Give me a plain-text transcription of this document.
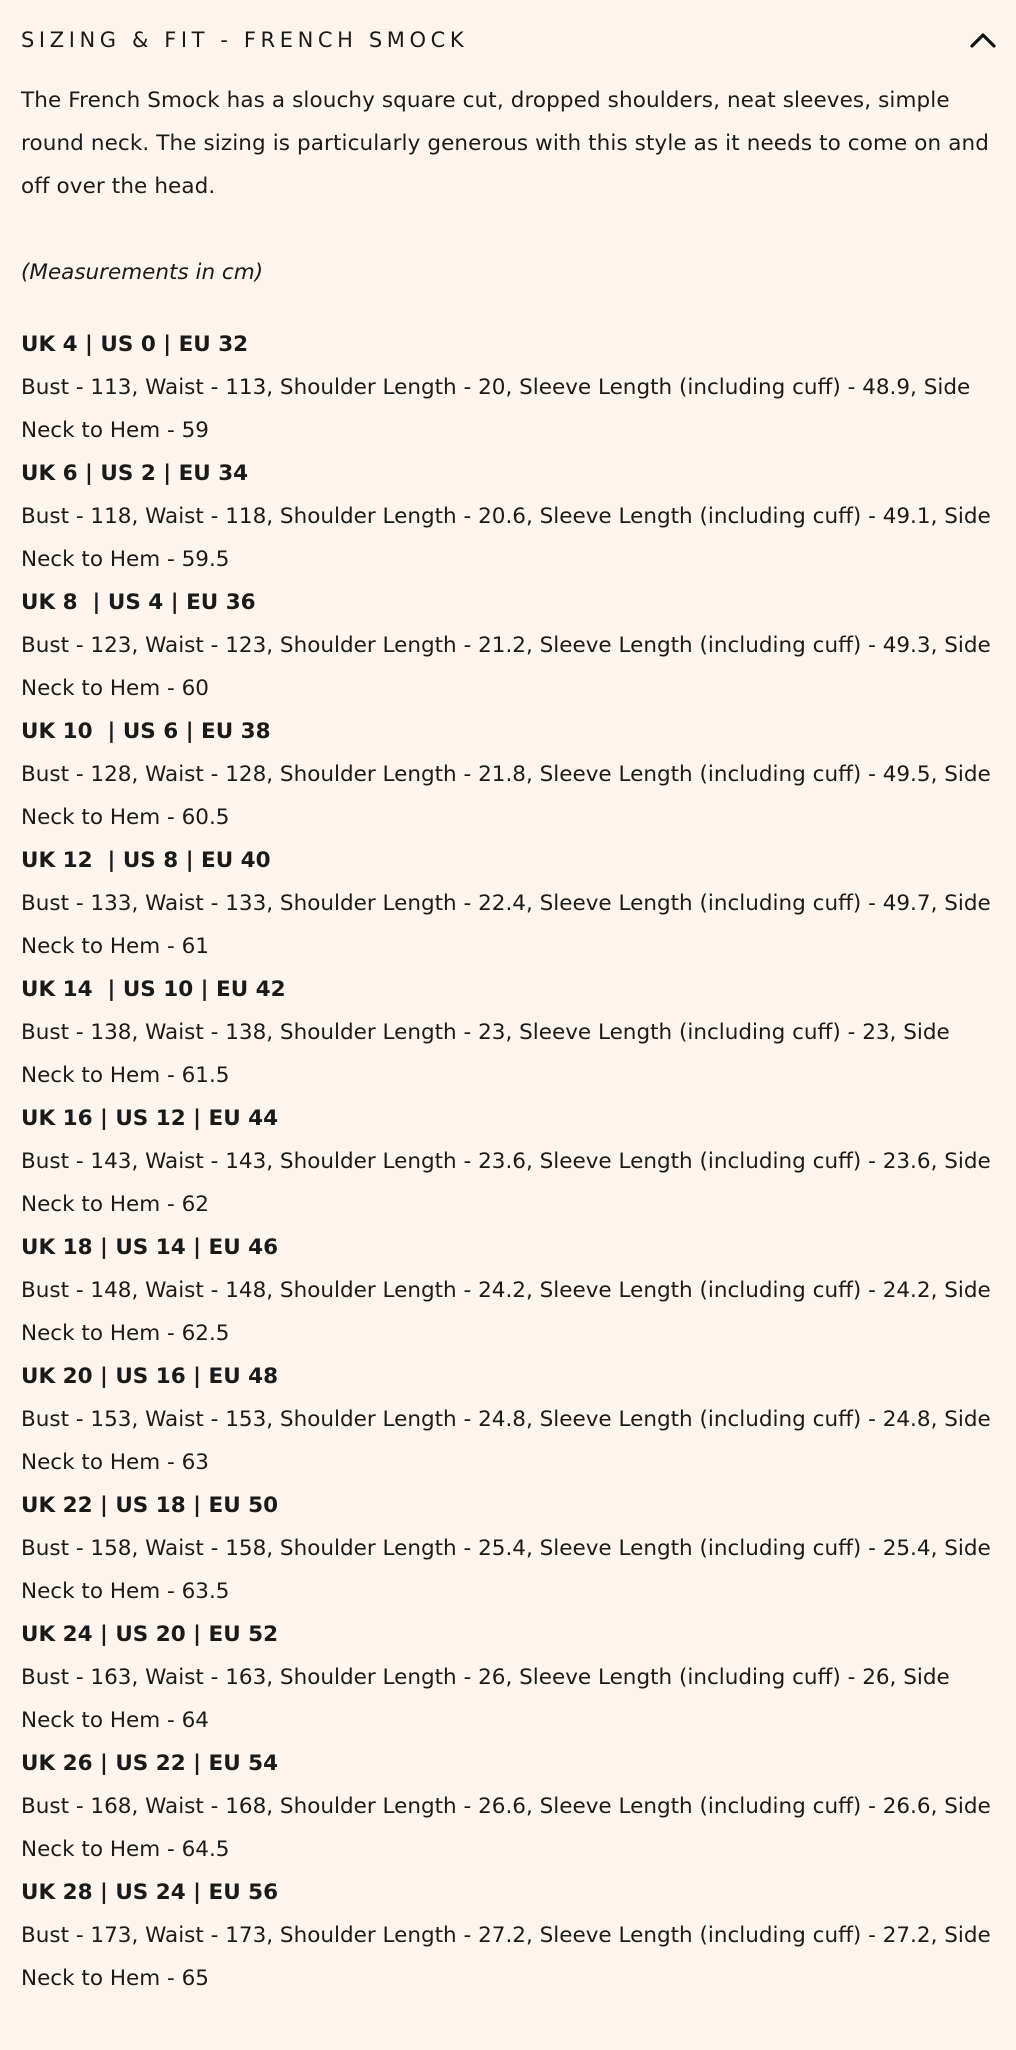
SIZING & FIT - FRENCH SMOCK

The French Smock has a slouchy square cut, dropped shoulders, neat sleeves, simple round neck. The sizing is particularly generous with this style as it needs to come on and off over the head.

(Measurements in cm)

UK 4 | US 0 | EU 32

Bust - 113, Waist - 113, Shoulder Length - 20, Sleeve Length (including cuff) - 48.9, Side Neck to Hem - 59

UK 6 | US 2 | EU 34

Bust - 118, Waist - 118, Shoulder Length - 20.6, Sleeve Length (including cuff) - 49.1, Side Neck to Hem - 59.5

UK 8  | US 4 | EU 36

Bust - 123, Waist - 123, Shoulder Length - 21.2, Sleeve Length (including cuff) - 49.3, Side Neck to Hem - 60

UK 10  | US 6 | EU 38

Bust - 128, Waist - 128, Shoulder Length - 21.8, Sleeve Length (including cuff) - 49.5, Side Neck to Hem - 60.5

UK 12  | US 8 | EU 40

Bust - 133, Waist - 133, Shoulder Length - 22.4, Sleeve Length (including cuff) - 49.7, Side Neck to Hem - 61

UK 14  | US 10 | EU 42

Bust - 138, Waist - 138, Shoulder Length - 23, Sleeve Length (including cuff) - 23, Side Neck to Hem - 61.5

UK 16 | US 12 | EU 44

Bust - 143, Waist - 143, Shoulder Length - 23.6, Sleeve Length (including cuff) - 23.6, Side Neck to Hem - 62

UK 18 | US 14 | EU 46

Bust - 148, Waist - 148, Shoulder Length - 24.2, Sleeve Length (including cuff) - 24.2, Side Neck to Hem - 62.5

UK 20 | US 16 | EU 48

Bust - 153, Waist - 153, Shoulder Length - 24.8, Sleeve Length (including cuff) - 24.8, Side Neck to Hem - 63

UK 22 | US 18 | EU 50

Bust - 158, Waist - 158, Shoulder Length - 25.4, Sleeve Length (including cuff) - 25.4, Side Neck to Hem - 63.5

UK 24 | US 20 | EU 52

Bust - 163, Waist - 163, Shoulder Length - 26, Sleeve Length (including cuff) - 26, Side Neck to Hem - 64

UK 26 | US 22 | EU 54

Bust - 168, Waist - 168, Shoulder Length - 26.6, Sleeve Length (including cuff) - 26.6, Side Neck to Hem - 64.5

UK 28 | US 24 | EU 56

Bust - 173, Waist - 173, Shoulder Length - 27.2, Sleeve Length (including cuff) - 27.2, Side Neck to Hem - 65
